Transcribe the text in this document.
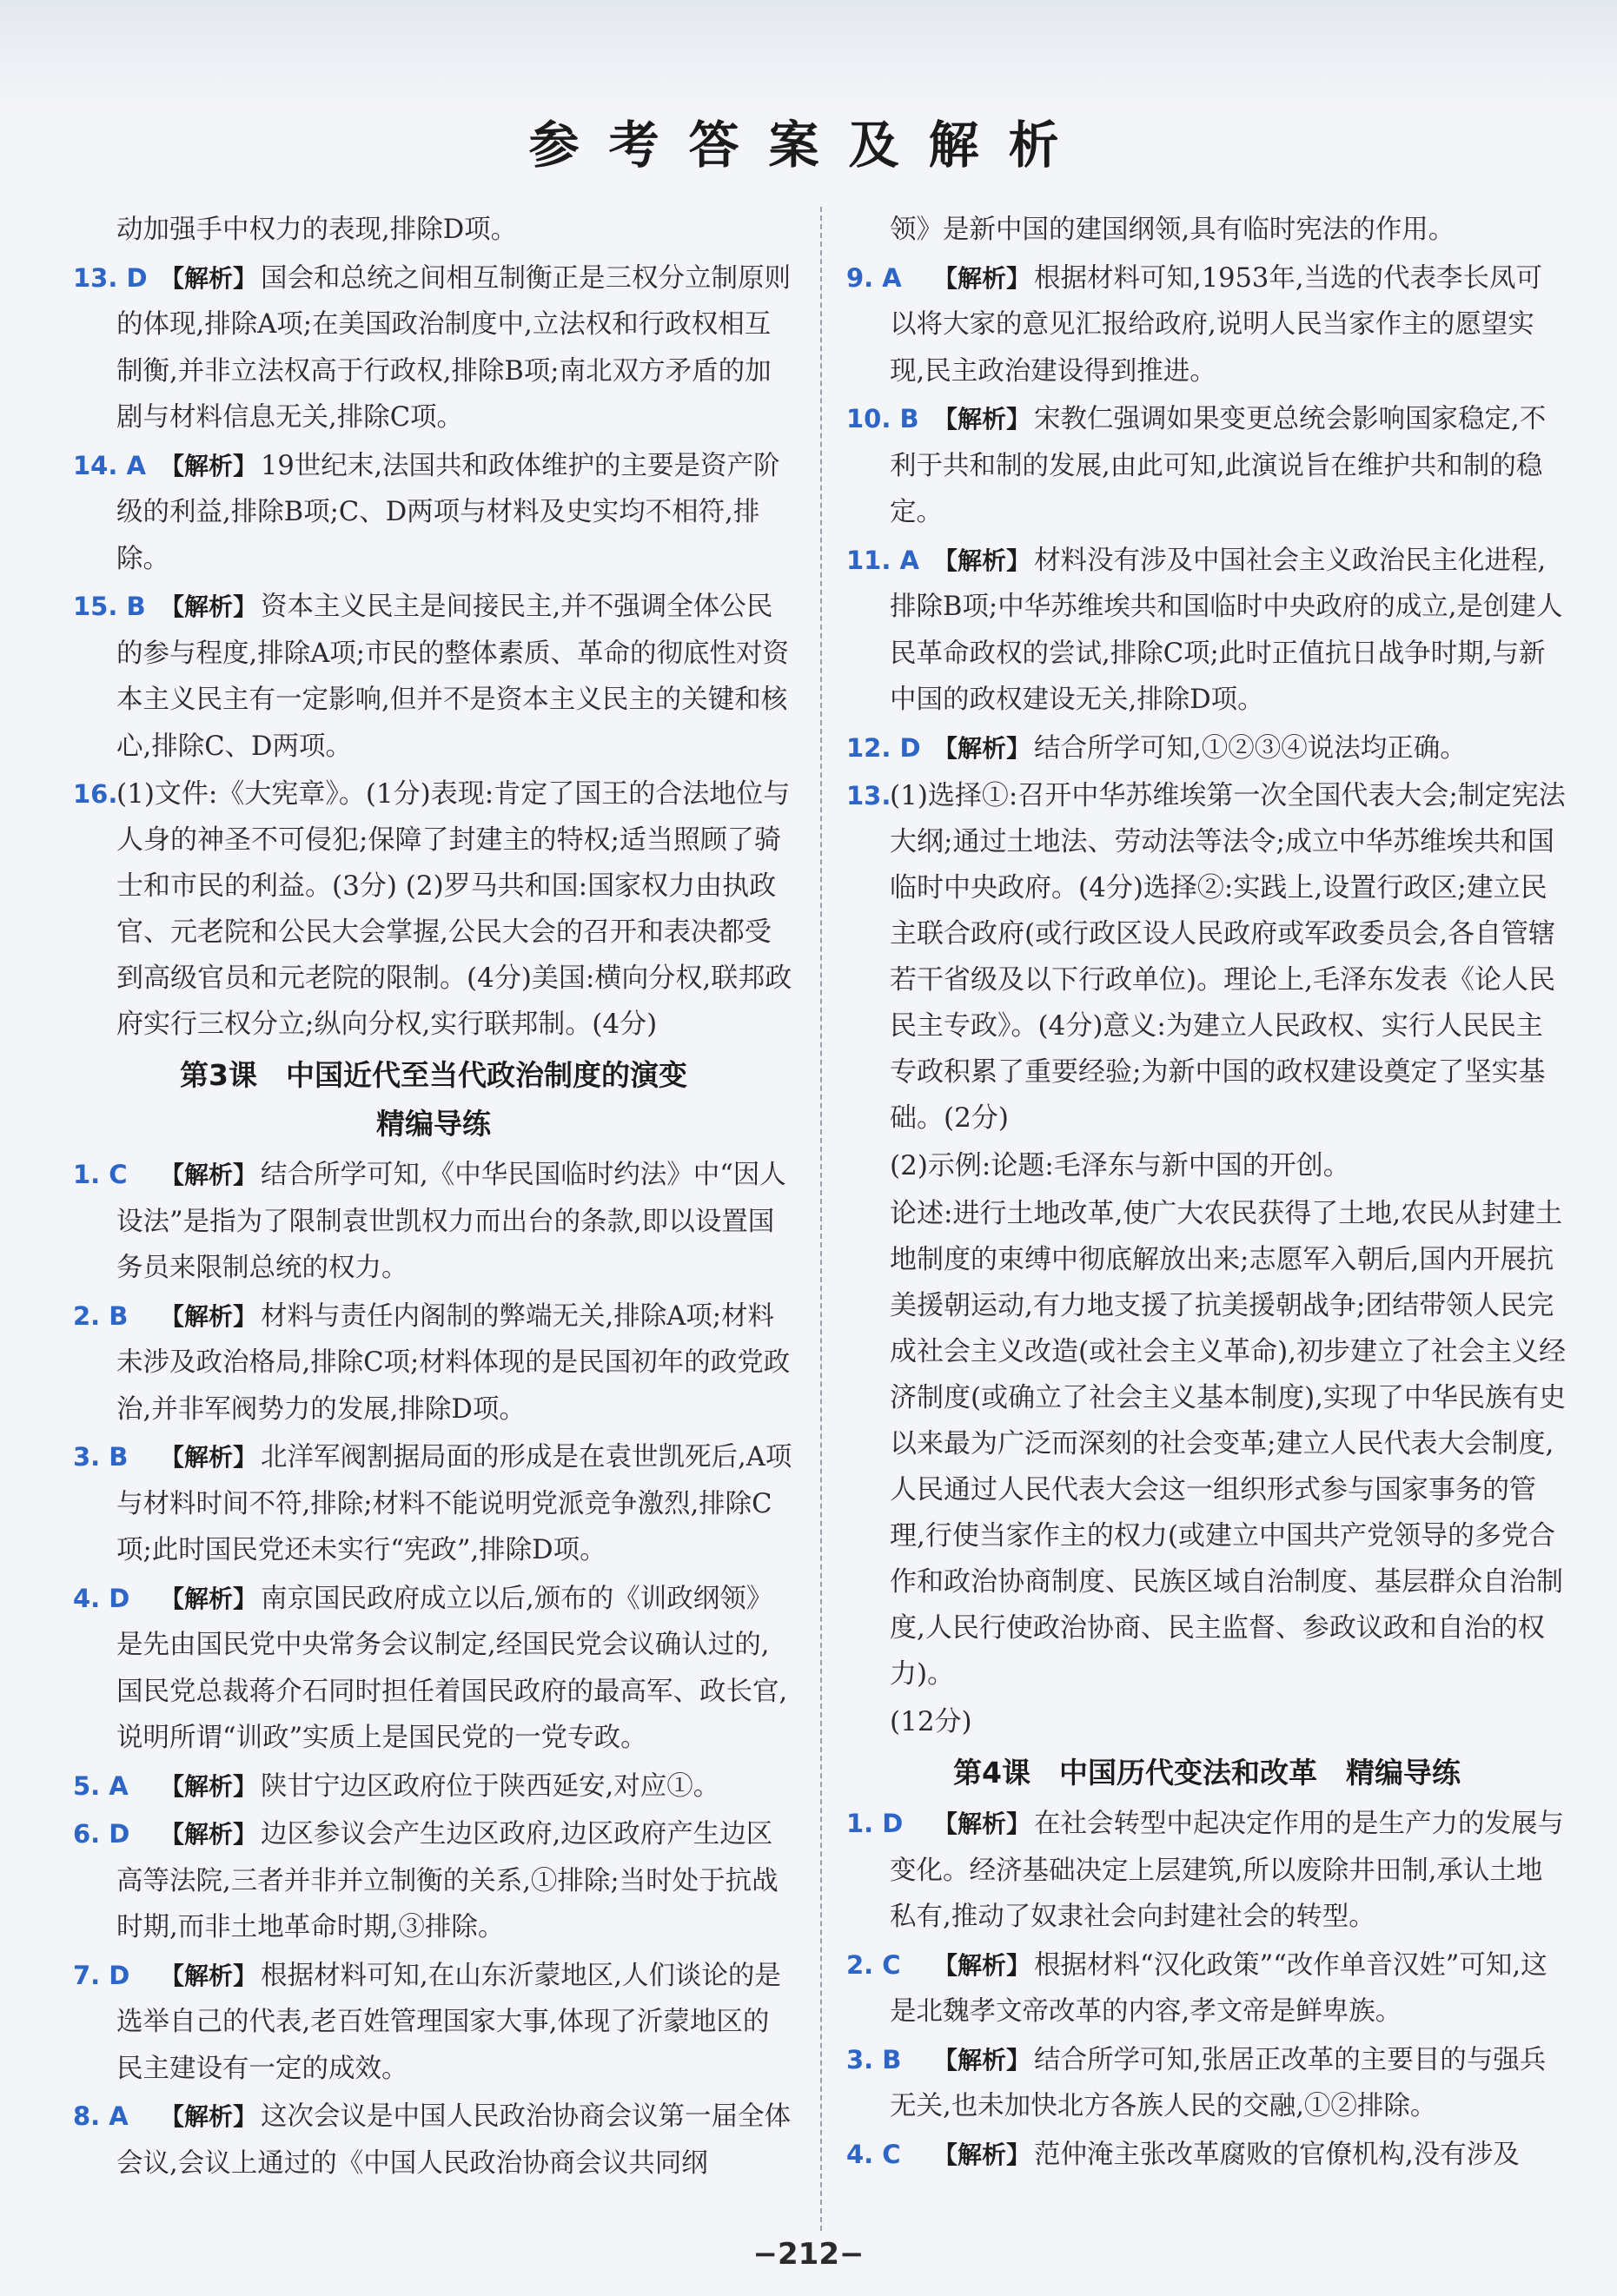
参考答案及解析
动加强手中权力的表现,排除D项。
13. D 【解析】 国会和总统之间相互制衡正是三权分立制原则的体现,排除A项;在美国政治制度中,立法权和行政权相互制衡,并非立法权高于行政权,排除B项;南北双方矛盾的加剧与材料信息无关,排除C项。
14. A 【解析】 19世纪末,法国共和政体维护的主要是资产阶级的利益,排除B项;C、D两项与材料及史实均不相符,排除。
15. B 【解析】 资本主义民主是间接民主,并不强调全体公民的参与程度,排除A项;市民的整体素质、革命的彻底性对资本主义民主有一定影响,但并不是资本主义民主的关键和核心,排除C、D两项。
16.(1)文件:《大宪章》。(1分)表现:肯定了国王的合法地位与人身的神圣不可侵犯;保障了封建主的特权;适当照顾了骑士和市民的利益。(3分) (2)罗马共和国:国家权力由执政官、元老院和公民大会掌握,公民大会的召开和表决都受到高级官员和元老院的限制。(4分)美国:横向分权,联邦政府实行三权分立;纵向分权,实行联邦制。(4分)
第3课　中国近代至当代政治制度的演变
精编导练
1. C 【解析】 结合所学可知,《中华民国临时约法》中“因人设法”是指为了限制袁世凯权力而出台的条款,即以设置国务员来限制总统的权力。
2. B 【解析】 材料与责任内阁制的弊端无关,排除A项;材料未涉及政治格局,排除C项;材料体现的是民国初年的政党政治,并非军阀势力的发展,排除D项。
3. B 【解析】 北洋军阀割据局面的形成是在袁世凯死后,A项与材料时间不符,排除;材料不能说明党派竞争激烈,排除C项;此时国民党还未实行“宪政”,排除D项。
4. D 【解析】 南京国民政府成立以后,颁布的《训政纲领》是先由国民党中央常务会议制定,经国民党会议确认过的,国民党总裁蒋介石同时担任着国民政府的最高军、政长官,说明所谓“训政”实质上是国民党的一党专政。
5. A 【解析】 陕甘宁边区政府位于陕西延安,对应①。
6. D 【解析】 边区参议会产生边区政府,边区政府产生边区高等法院,三者并非并立制衡的关系,①排除;当时处于抗战时期,而非土地革命时期,③排除。
7. D 【解析】 根据材料可知,在山东沂蒙地区,人们谈论的是选举自己的代表,老百姓管理国家大事,体现了沂蒙地区的民主建设有一定的成效。
8. A 【解析】 这次会议是中国人民政治协商会议第一届全体会议,会议上通过的《中国人民政治协商会议共同纲
领》是新中国的建国纲领,具有临时宪法的作用。
9. A 【解析】 根据材料可知,1953年,当选的代表李长凤可以将大家的意见汇报给政府,说明人民当家作主的愿望实现,民主政治建设得到推进。
10. B 【解析】 宋教仁强调如果变更总统会影响国家稳定,不利于共和制的发展,由此可知,此演说旨在维护共和制的稳定。
11. A 【解析】 材料没有涉及中国社会主义政治民主化进程,排除B项;中华苏维埃共和国临时中央政府的成立,是创建人民革命政权的尝试,排除C项;此时正值抗日战争时期,与新中国的政权建设无关,排除D项。
12. D 【解析】 结合所学可知,①②③④说法均正确。
13.(1)选择①:召开中华苏维埃第一次全国代表大会;制定宪法大纲;通过土地法、劳动法等法令;成立中华苏维埃共和国临时中央政府。(4分)选择②:实践上,设置行政区;建立民主联合政府(或行政区设人民政府或军政委员会,各自管辖若干省级及以下行政单位)。理论上,毛泽东发表《论人民民主专政》。(4分)意义:为建立人民政权、实行人民民主专政积累了重要经验;为新中国的政权建设奠定了坚实基础。(2分)
(2)示例:论题:毛泽东与新中国的开创。
论述:进行土地改革,使广大农民获得了土地,农民从封建土地制度的束缚中彻底解放出来;志愿军入朝后,国内开展抗美援朝运动,有力地支援了抗美援朝战争;团结带领人民完成社会主义改造(或社会主义革命),初步建立了社会主义经济制度(或确立了社会主义基本制度),实现了中华民族有史以来最为广泛而深刻的社会变革;建立人民代表大会制度,人民通过人民代表大会这一组织形式参与国家事务的管理,行使当家作主的权力(或建立中国共产党领导的多党合作和政治协商制度、民族区域自治制度、基层群众自治制度,人民行使政治协商、民主监督、参政议政和自治的权力)。
(12分)
第4课　中国历代变法和改革　精编导练
1. D 【解析】 在社会转型中起决定作用的是生产力的发展与变化。经济基础决定上层建筑,所以废除井田制,承认土地私有,推动了奴隶社会向封建社会的转型。
2. C 【解析】 根据材料“汉化政策”“改作单音汉姓”可知,这是北魏孝文帝改革的内容,孝文帝是鲜卑族。
3. B 【解析】 结合所学可知,张居正改革的主要目的与强兵无关,也未加快北方各族人民的交融,①②排除。
4. C 【解析】 范仲淹主张改革腐败的官僚机构,没有涉及
−212−
